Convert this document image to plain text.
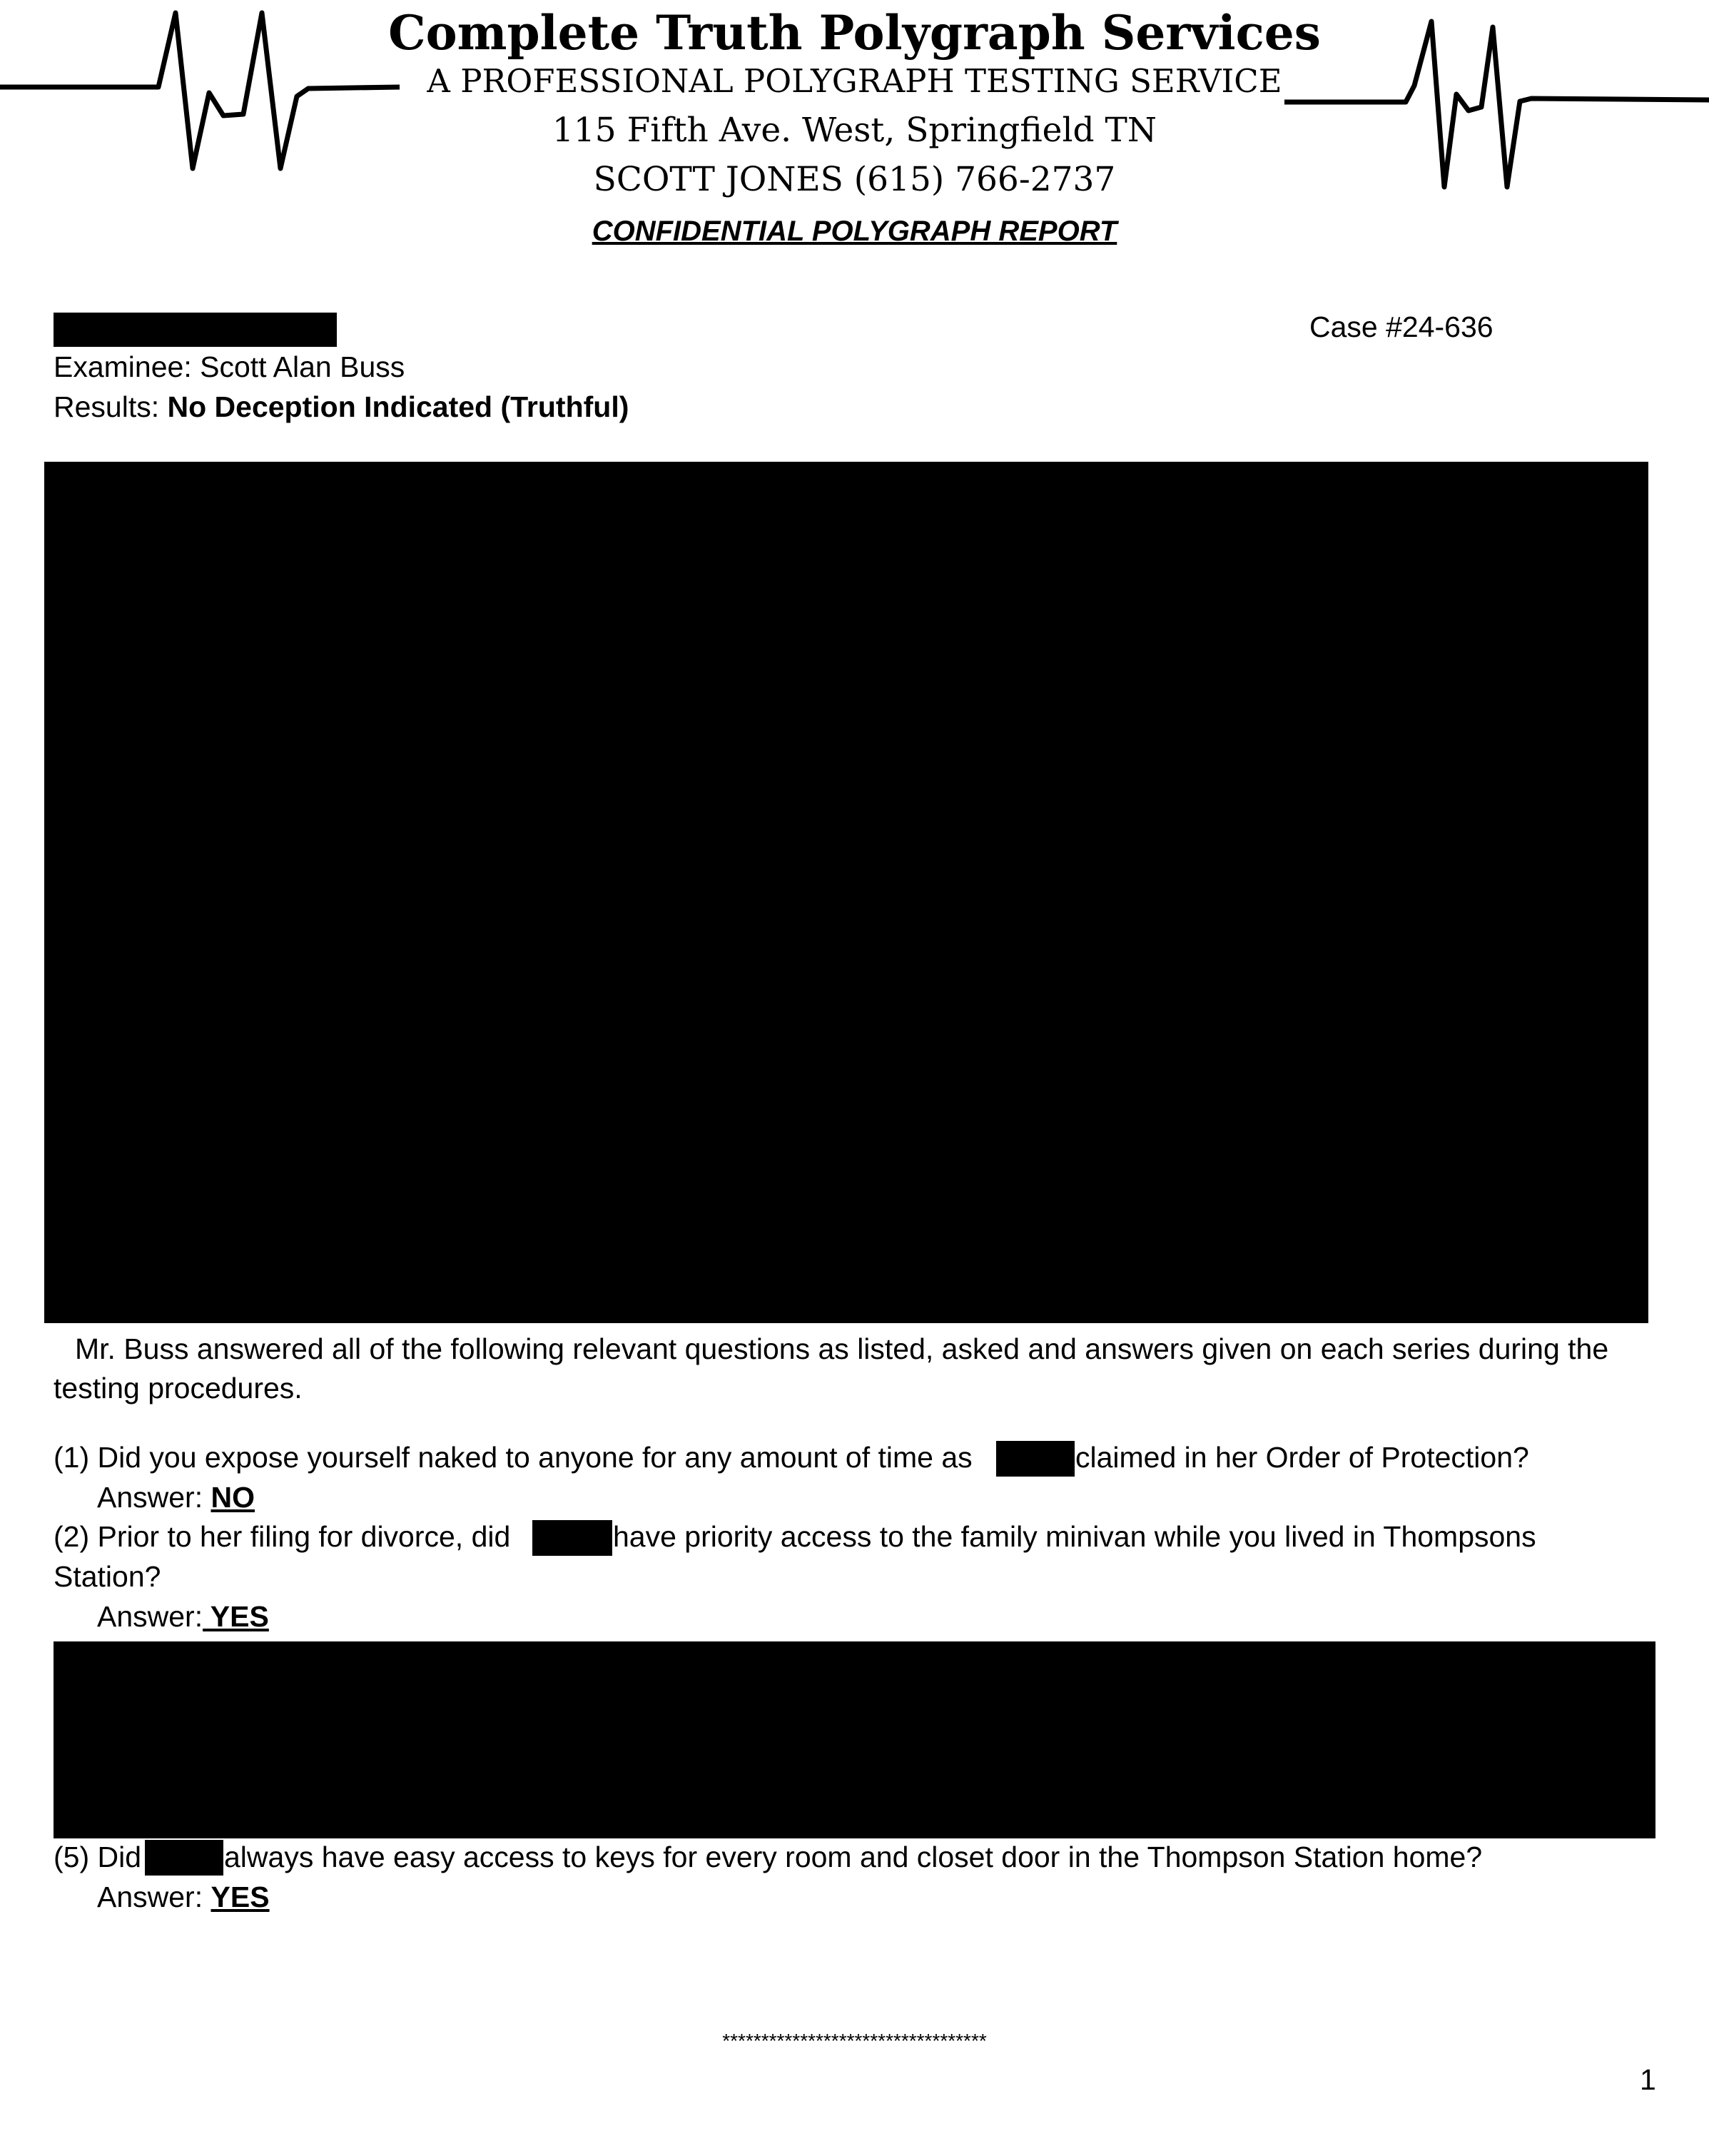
Complete Truth Polygraph Services
A PROFESSIONAL POLYGRAPH TESTING SERVICE
115 Fifth Ave. West, Springfield TN
SCOTT JONES (615) 766-2737
CONFIDENTIAL POLYGRAPH REPORT
Case #24-636
Examinee: Scott Alan Buss
Results: No Deception Indicated (Truthful)
Mr. Buss answered all of the following relevant questions as listed, asked and answers given on each series during the
testing procedures.
(1) Did you expose yourself naked to anyone for any amount of time as	claimed in her Order of Protection?
Answer: NO
(2) Prior to her filing for divorce, did	have priority access to the family minivan while you lived in Thompsons
Station?
Answer: YES
(5) Did	always have easy access to keys for every room and closet door in the Thompson Station home?
Answer: YES
**********************************
1
